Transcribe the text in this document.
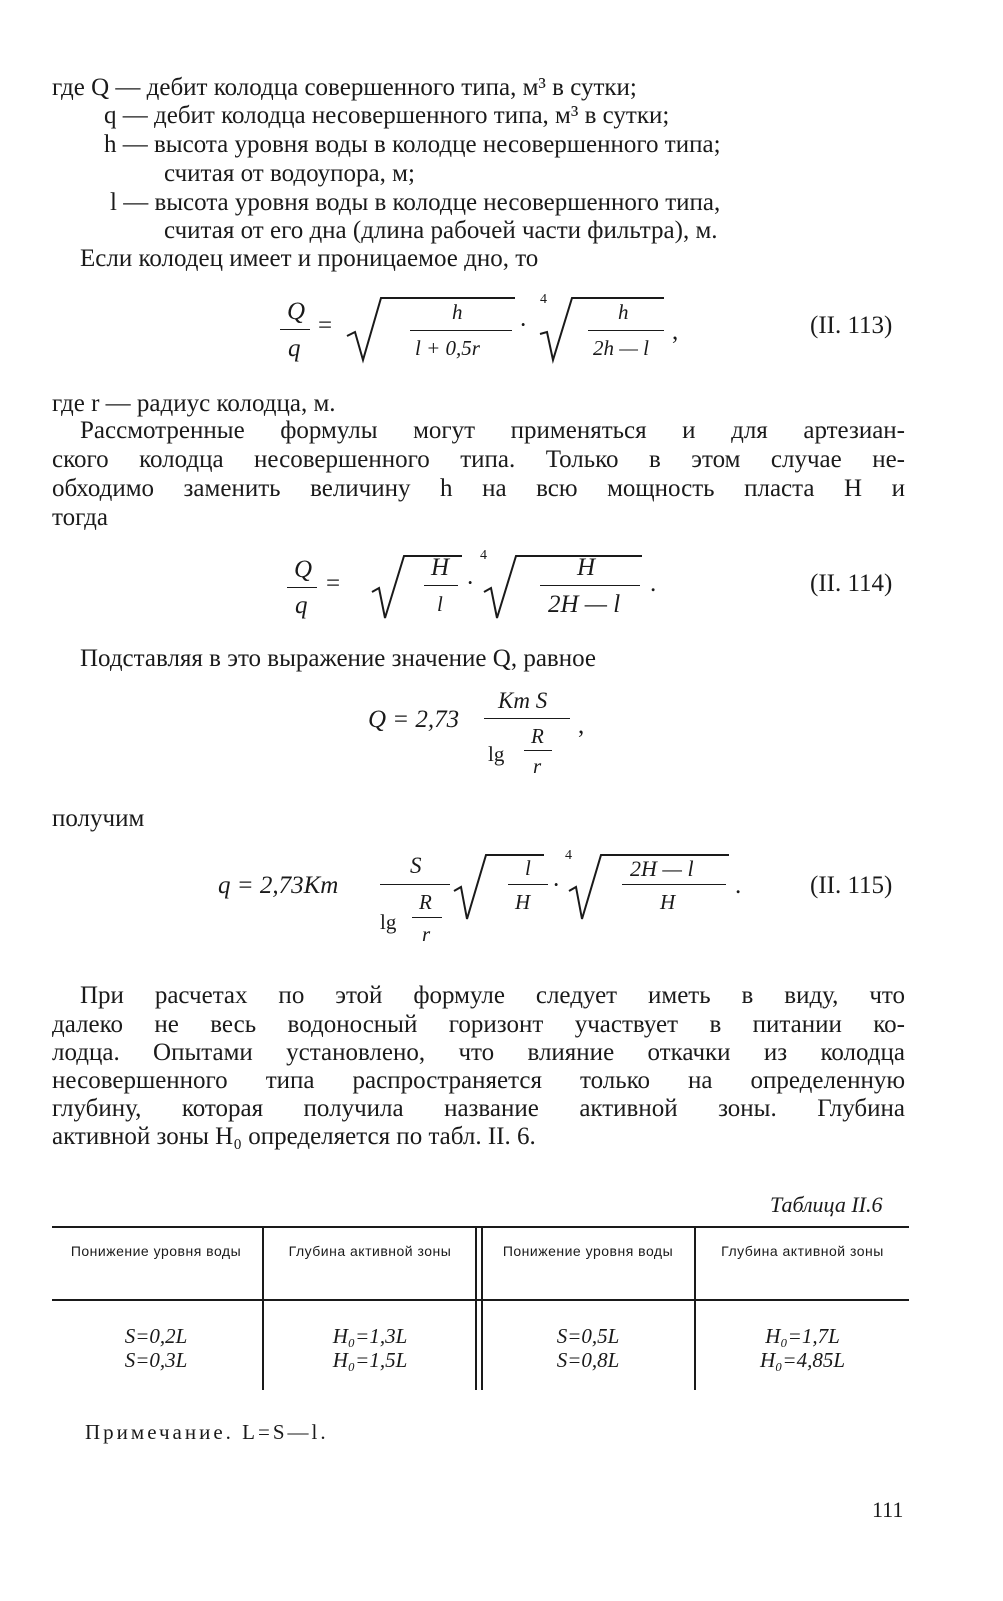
где Q — дебит колодца совершенного типа, м³ в сутки;
q — дебит колодца несовершенного типа, м³ в сутки;
h — высота уровня воды в колодце несовершенного типа;
считая от водоупора, м;
l — высота уровня воды в колодце несовершенного типа,
считая от его дна (длина рабочей части фильтра), м.
Если колодец имеет и проницаемое дно, то
Q
q
=	h
l + 0,5r
·
4
h
2h — l
,	(II. 113)
где r — радиус колодца, м.
Рассмотренные формулы могут применяться и для артезиан-
ского колодца несовершенного типа. Только в этом случае не-
обходимо заменить величину h на всю мощность пласта H и
тогда
Q
q
=
H
l
·
4	H
2H — l
.	(II. 114)
Подставляя в это выражение значение Q, равное
Q = 2,73
Km S
lg
R
r
,
получим
q = 2,73Km
S
lg
R
r
l
H
·
4
2H — l
H
.	(II. 115)
При расчетах по этой формуле следует иметь в виду, что
далеко не весь водоносный горизонт участвует в питании ко-
лодца. Опытами установлено, что влияние откачки из колодца
несовершенного типа распространяется только на определенную
глубину, которая получила название активной зоны. Глубина
активной зоны H₀ определяется по табл. II. 6.
Таблица II.6
Понижение уровня воды	Глубина активной зоны	Понижение уровня воды	Глубина активной зоны
S=0,2L	H₀=1,3L	S=0,5L	H₀=1,7L
S=0,3L	H₀=1,5L	S=0,8L	H₀=4,85L
Примечание. L=S—l.
111
